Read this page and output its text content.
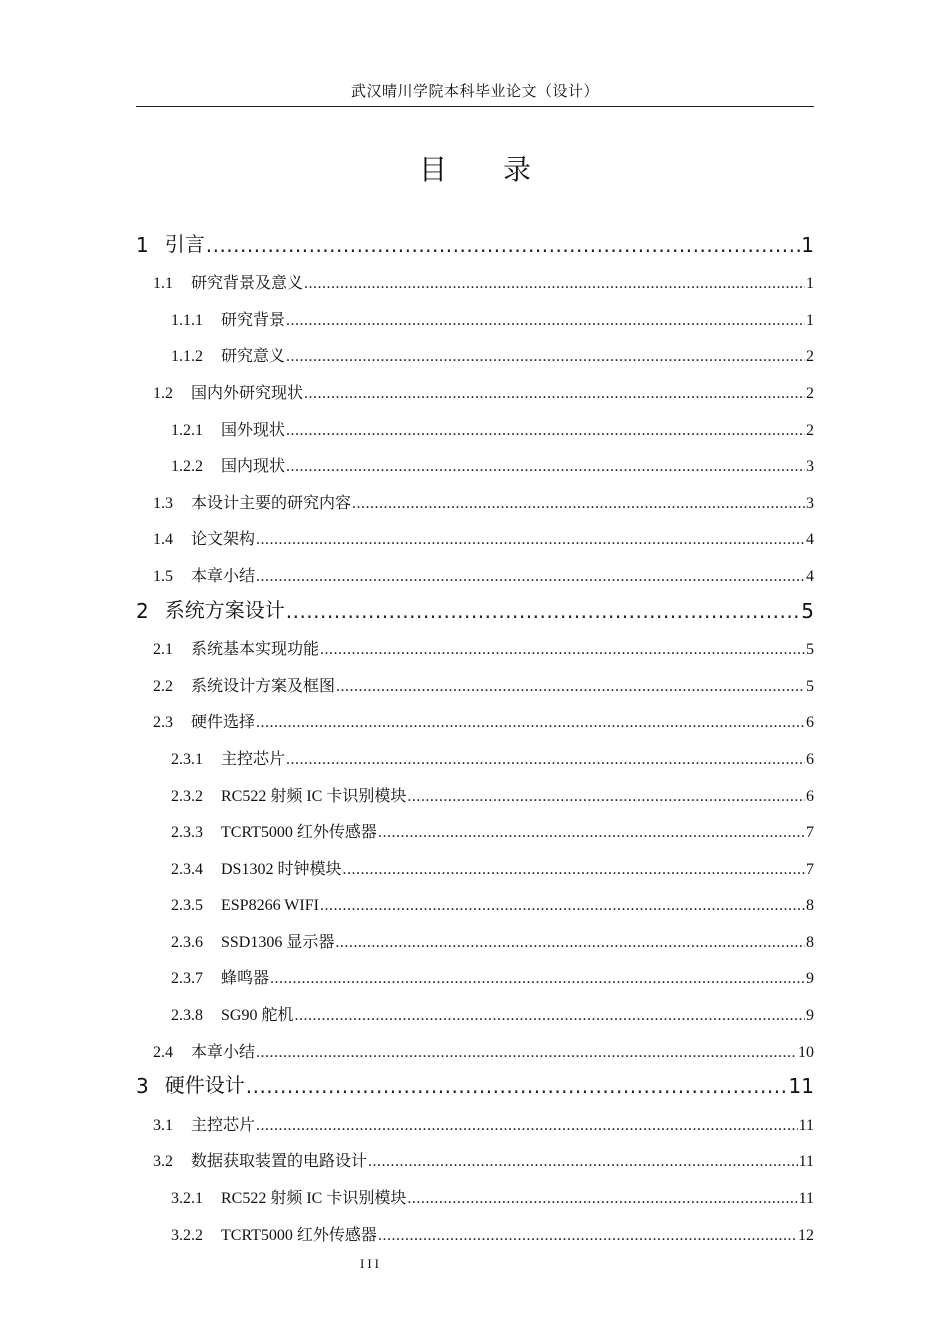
武汉晴川学院本科毕业论文（设计）
目录
1 引言 .....	1
1.1 研究背景及意义 .....	1
1.1.1 研究背景 .....	1
1.1.2 研究意义 .....	2
1.2 国内外研究现状 .....	2
1.2.1 国外现状 .....	2
1.2.2 国内现状 .....	3
1.3 本设计主要的研究内容 .....	3
1.4 论文架构 .....	4
1.5 本章小结 .....	4
2 系统方案设计 .....	5
2.1 系统基本实现功能 .....	5
2.2 系统设计方案及框图 .....	5
2.3 硬件选择 .....	6
2.3.1 主控芯片 .....	6
2.3.2 RC522 射频 IC 卡识别模块 .....	6
2.3.3 TCRT5000 红外传感器 .....	7
2.3.4 DS1302 时钟模块 .....	7
2.3.5 ESP8266 WIFI .....	8
2.3.6 SSD1306 显示器 .....	8
2.3.7 蜂鸣器 .....	9
2.3.8 SG90 舵机 .....	9
2.4 本章小结 .....	10
3 硬件设计 .....	11
3.1 主控芯片 .....	11
3.2 数据获取装置的电路设计 .....	11
3.2.1 RC522 射频 IC 卡识别模块 .....	11
3.2.2 TCRT5000 红外传感器 .....	12
III
